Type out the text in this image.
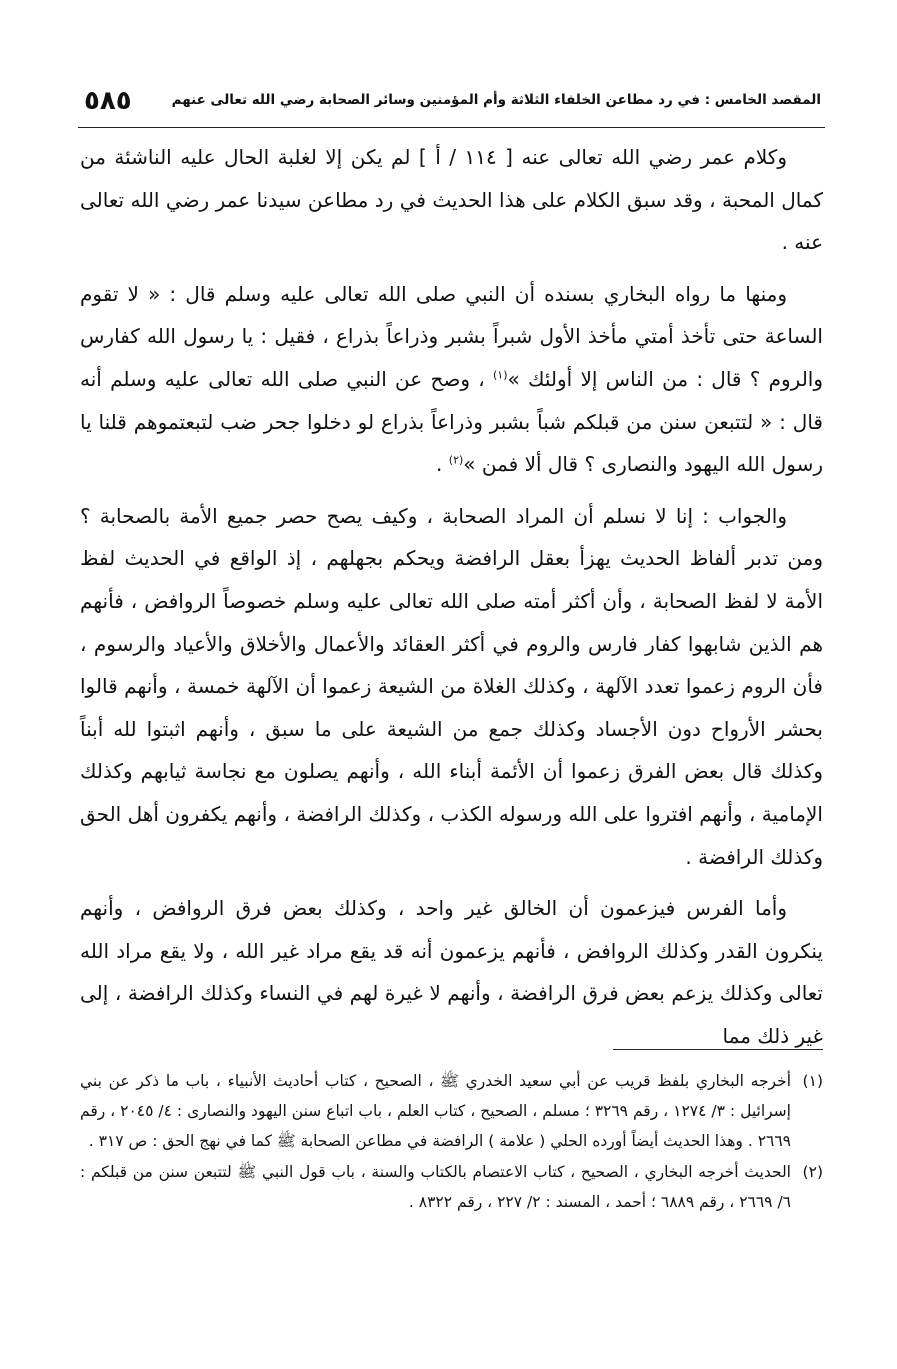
المقصد الخامس : في رد مطاعن الخلفاء الثلاثة وأم المؤمنين وسائر الصحابة رضي الله تعالى عنهم
٥٨٥

وكلام عمر رضي الله تعالى عنه [ ١١٤ / أ ] لم يكن إلا لغلبة الحال عليه الناشئة من كمال المحبة ، وقد سبق الكلام على هذا الحديث في رد مطاعن سيدنا عمر رضي الله تعالى عنه .

ومنها ما رواه البخاري بسنده أن النبي صلى الله تعالى عليه وسلم قال : « لا تقوم الساعة حتى تأخذ أمتي مأخذ الأول شبراً بشبر وذراعاً بذراع ، فقيل : يا رسول الله كفارس والروم ؟ قال : من الناس إلا أولئك »$^{(١)}$ ، وصح عن النبي صلى الله تعالى عليه وسلم أنه قال : « لتتبعن سنن من قبلكم شباً بشبر وذراعاً بذراع لو دخلوا جحر ضب لتبعتموهم قلنا يا رسول الله اليهود والنصارى ؟ قال ألا فمن »$^{(٢)}$ .

والجواب : إنا لا نسلم أن المراد الصحابة ، وكيف يصح حصر جميع الأمة بالصحابة ؟ ومن تدبر ألفاظ الحديث يهزأ بعقل الرافضة ويحكم بجهلهم ، إذ الواقع في الحديث لفظ الأمة لا لفظ الصحابة ، وأن أكثر أمته صلى الله تعالى عليه وسلم خصوصاً الروافض ، فأنهم هم الذين شابهوا كفار فارس والروم في أكثر العقائد والأعمال والأخلاق والأعياد والرسوم ، فأن الروم زعموا تعدد الآلهة ، وكذلك الغلاة من الشيعة زعموا أن الآلهة خمسة ، وأنهم قالوا بحشر الأرواح دون الأجساد وكذلك جمع من الشيعة على ما سبق ، وأنهم اثبتوا لله أبناً وكذلك قال بعض الفرق زعموا أن الأئمة أبناء الله ، وأنهم يصلون مع نجاسة ثيابهم وكذلك الإمامية ، وأنهم افتروا على الله ورسوله الكذب ، وكذلك الرافضة ، وأنهم يكفرون أهل الحق وكذلك الرافضة .

وأما الفرس فيزعمون أن الخالق غير واحد ، وكذلك بعض فرق الروافض ، وأنهم ينكرون القدر وكذلك الروافض ، فأنهم يزعمون أنه قد يقع مراد غير الله ، ولا يقع مراد الله تعالى وكذلك يزعم بعض فرق الرافضة ، وأنهم لا غيرة لهم في النساء وكذلك الرافضة ، إلى غير ذلك مما

(١)
أخرجه البخاري بلفظ قريب عن أبي سعيد الخدري ﷺ ، الصحيح ، كتاب أحاديث الأنبياء ، باب ما ذكر عن بني إسرائيل : ٣/ ١٢٧٤ ، رقم ٣٢٦٩ ؛ مسلم ، الصحيح ، كتاب العلم ، باب اتباع سنن اليهود والنصارى : ٤/ ٢٠٤٥ ، رقم ٢٦٦٩ . وهذا الحديث أيضاً أورده الحلي ( علامة ) الرافضة في مطاعن الصحابة ﷺ كما في نهج الحق : ص ٣١٧ .

(٢)
الحديث أخرجه البخاري ، الصحيح ، كتاب الاعتصام بالكتاب والسنة ، باب قول النبي ﷺ لتتبعن سنن من قبلكم : ٦/ ٢٦٦٩ ، رقم ٦٨٨٩ ؛ أحمد ، المسند : ٢/ ٢٢٧ ، رقم ٨٣٢٢ .
